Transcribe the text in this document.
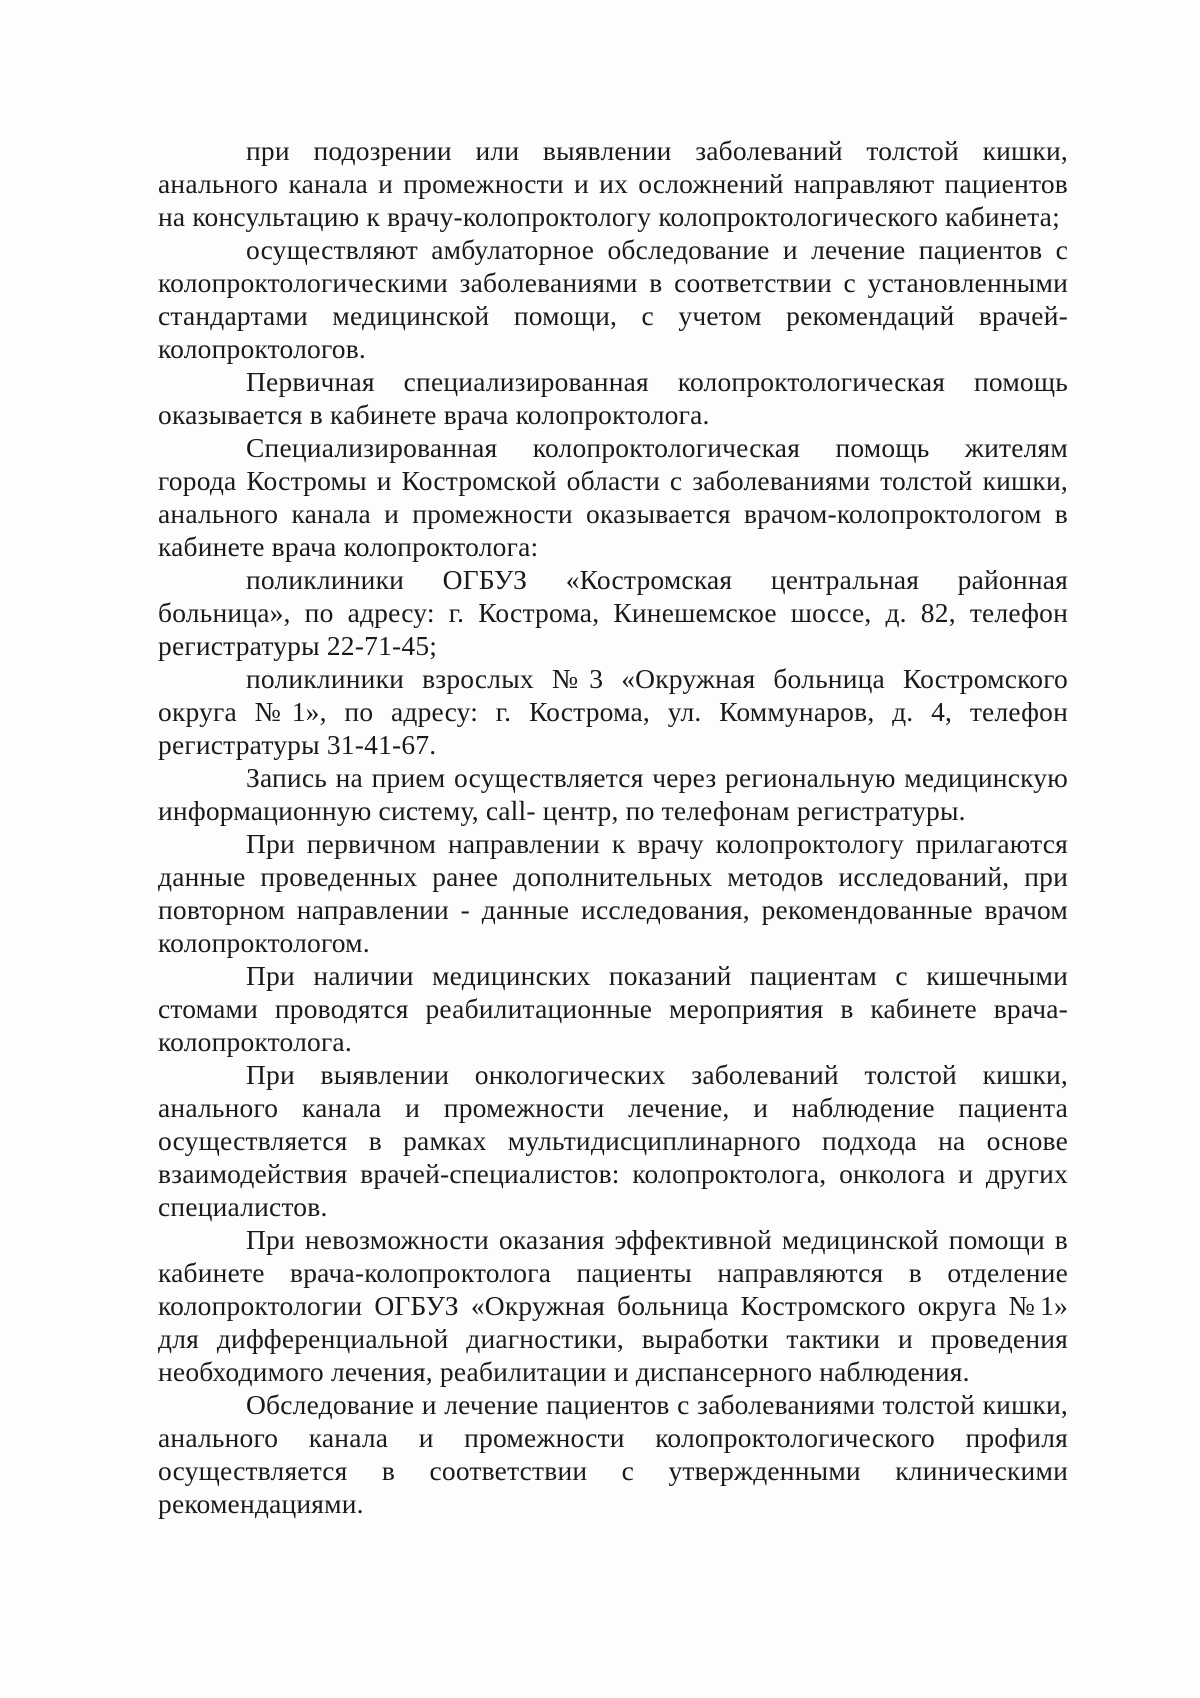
при подозрении или выявлении заболеваний толстой кишки, анального канала и промежности и их осложнений направляют пациентов на консультацию к врачу-колопроктологу колопроктологического кабинета;

осуществляют амбулаторное обследование и лечение пациентов с колопроктологическими заболеваниями в соответствии с установленными стандартами медицинской помощи, с учетом рекомендаций врачей-колопроктологов.

Первичная специализированная колопроктологическая помощь оказывается в кабинете врача колопроктолога.

Специализированная колопроктологическая помощь жителям города Костромы и Костромской области с заболеваниями толстой кишки, анального канала и промежности оказывается врачом-колопроктологом в кабинете врача колопроктолога:

поликлиники ОГБУЗ «Костромская центральная районная больница», по адресу: г. Кострома, Кинешемское шоссе, д. 82, телефон регистратуры 22-71-45;

поликлиники взрослых №3 «Окружная больница Костромского округа №1», по адресу: г. Кострома, ул. Коммунаров, д. 4, телефон регистратуры 31-41-67.

Запись на прием осуществляется через региональную медицинскую информационную систему, call- центр, по телефонам регистратуры.

При первичном направлении к врачу колопроктологу прилагаются данные проведенных ранее дополнительных методов исследований, при повторном направлении - данные исследования, рекомендованные врачом колопроктологом.

При наличии медицинских показаний пациентам с кишечными стомами проводятся реабилитационные мероприятия в кабинете врача-колопроктолога.

При выявлении онкологических заболеваний толстой кишки, анального канала и промежности лечение, и наблюдение пациента осуществляется в рамках мультидисциплинарного подхода на основе взаимодействия врачей-специалистов: колопроктолога, онколога и других специалистов.

При невозможности оказания эффективной медицинской помощи в кабинете врача-колопроктолога пациенты направляются в отделение колопроктологии ОГБУЗ «Окружная больница Костромского округа №1» для дифференциальной диагностики, выработки тактики и проведения необходимого лечения, реабилитации и диспансерного наблюдения.

Обследование и лечение пациентов с заболеваниями толстой кишки, анального канала и промежности колопроктологического профиля осуществляется в соответствии с утвержденными клиническими рекомендациями.
